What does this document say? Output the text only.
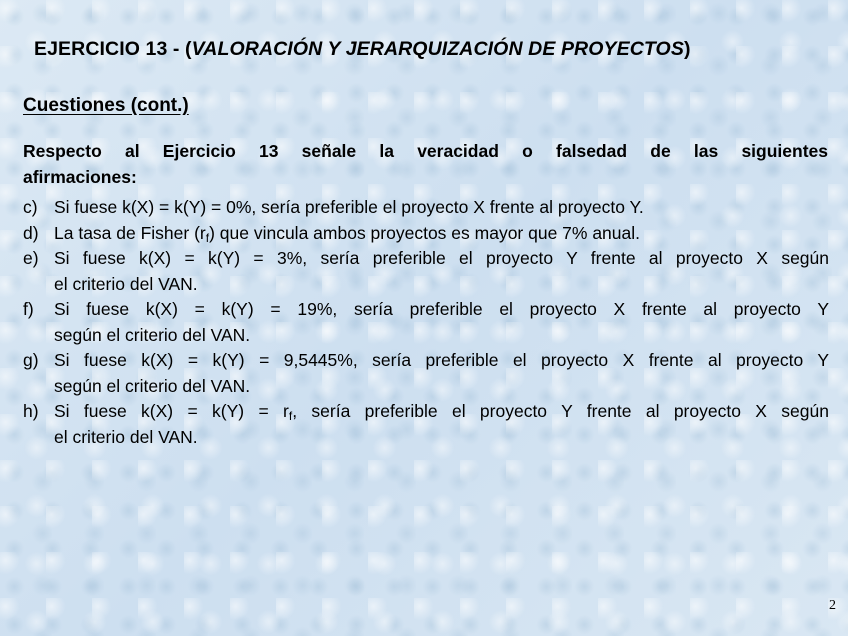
EJERCICIO 13 - (VALORACIÓN Y JERARQUIZACIÓN DE PROYECTOS)
Cuestiones (cont.)
Respecto al Ejercicio 13 señale la veracidad o falsedad de las siguientes
afirmaciones:
c) Si fuese k(X) = k(Y) = 0%, sería preferible el proyecto X frente al proyecto Y.
d) La tasa de Fisher $(r_f)$ que vincula ambos proyectos es mayor que 7% anual.
e) Si fuese k(X) = k(Y) = 3%, sería preferible el proyecto Y frente al proyecto X según
el criterio del VAN.
f) Si fuese k(X) = k(Y) = 19%, sería preferible el proyecto X frente al proyecto Y
según el criterio del VAN.
g) Si fuese k(X) = k(Y) = 9,5445%, sería preferible el proyecto X frente al proyecto Y
según el criterio del VAN.
h) Si fuese $k(X) = k(Y) = r_f$, sería preferible el proyecto Y frente al proyecto X según
el criterio del VAN.
2
